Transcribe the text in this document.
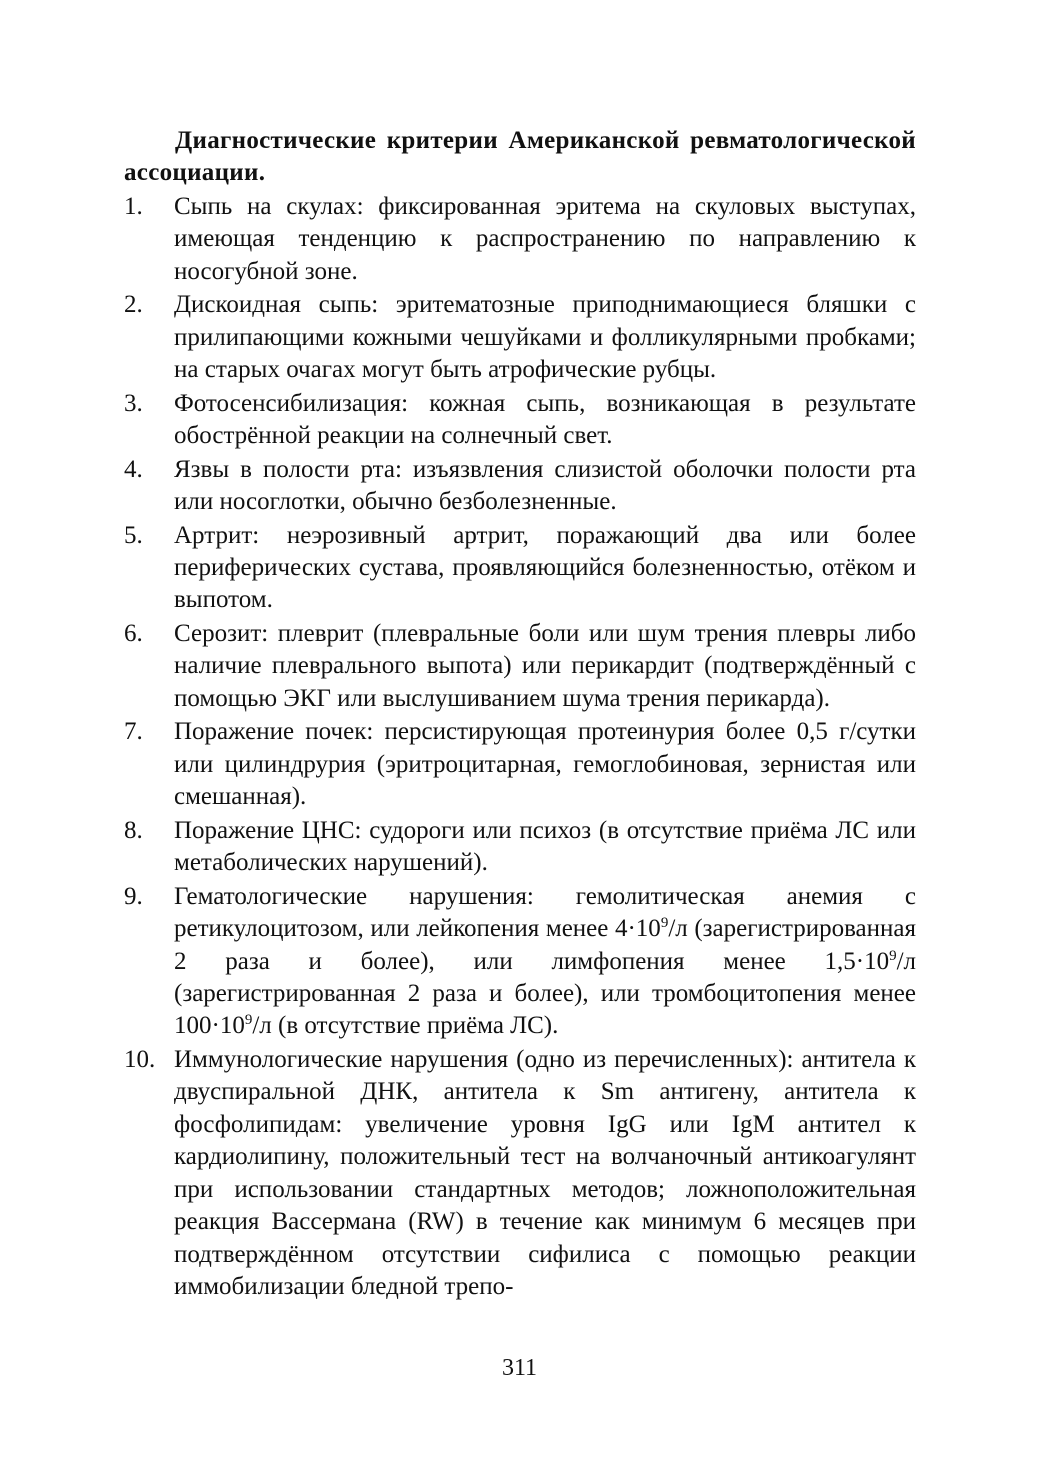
Диагностические критерии Американской ревматологической ассоциации.

1. Сыпь на скулах: фиксированная эритема на скуловых выступах, имеющая тенденцию к распространению по направлению к носогубной зоне.
2. Дискоидная сыпь: эритематозные приподнимающиеся бляшки с прилипающими кожными чешуйками и фолликулярными пробками; на старых очагах могут быть атрофические рубцы.
3. Фотосенсибилизация: кожная сыпь, возникающая в результате обострённой реакции на солнечный свет.
4. Язвы в полости рта: изъязвления слизистой оболочки полости рта или носоглотки, обычно безболезненные.
5. Артрит: неэрозивный артрит, поражающий два или более периферических сустава, проявляющийся болезненностью, отёком и выпотом.
6. Серозит: плеврит (плевральные боли или шум трения плевры либо наличие плеврального выпота) или перикардит (подтверждённый с помощью ЭКГ или выслушиванием шума трения перикарда).
7. Поражение почек: персистирующая протеинурия более 0,5 г/сутки или цилиндрурия (эритроцитарная, гемоглобиновая, зернистая или смешанная).
8. Поражение ЦНС: судороги или психоз (в отсутствие приёма ЛС или метаболических нарушений).
9. Гематологические нарушения: гемолитическая анемия с ретикулоцитозом, или лейкопения менее $4\cdot 10^9/л$ (зарегистрированная 2 раза и более), или лимфопения менее $1,5\cdot 10^9/л$ (зарегистрированная 2 раза и более), или тромбоцитопения менее $100\cdot 10^9/л$ (в отсутствие приёма ЛС).
10. Иммунологические нарушения (одно из перечисленных): антитела к двуспиральной ДНК, антитела к Sm антигену, антитела к фосфолипидам: увеличение уровня IgG или IgM антител к кардиолипину, положительный тест на волчаночный антикоагулянт при использовании стандартных методов; ложноположительная реакция Вассермана (RW) в течение как минимум 6 месяцев при подтверждённом отсутствии сифилиса с помощью реакции иммобилизации бледной трепо-
311
